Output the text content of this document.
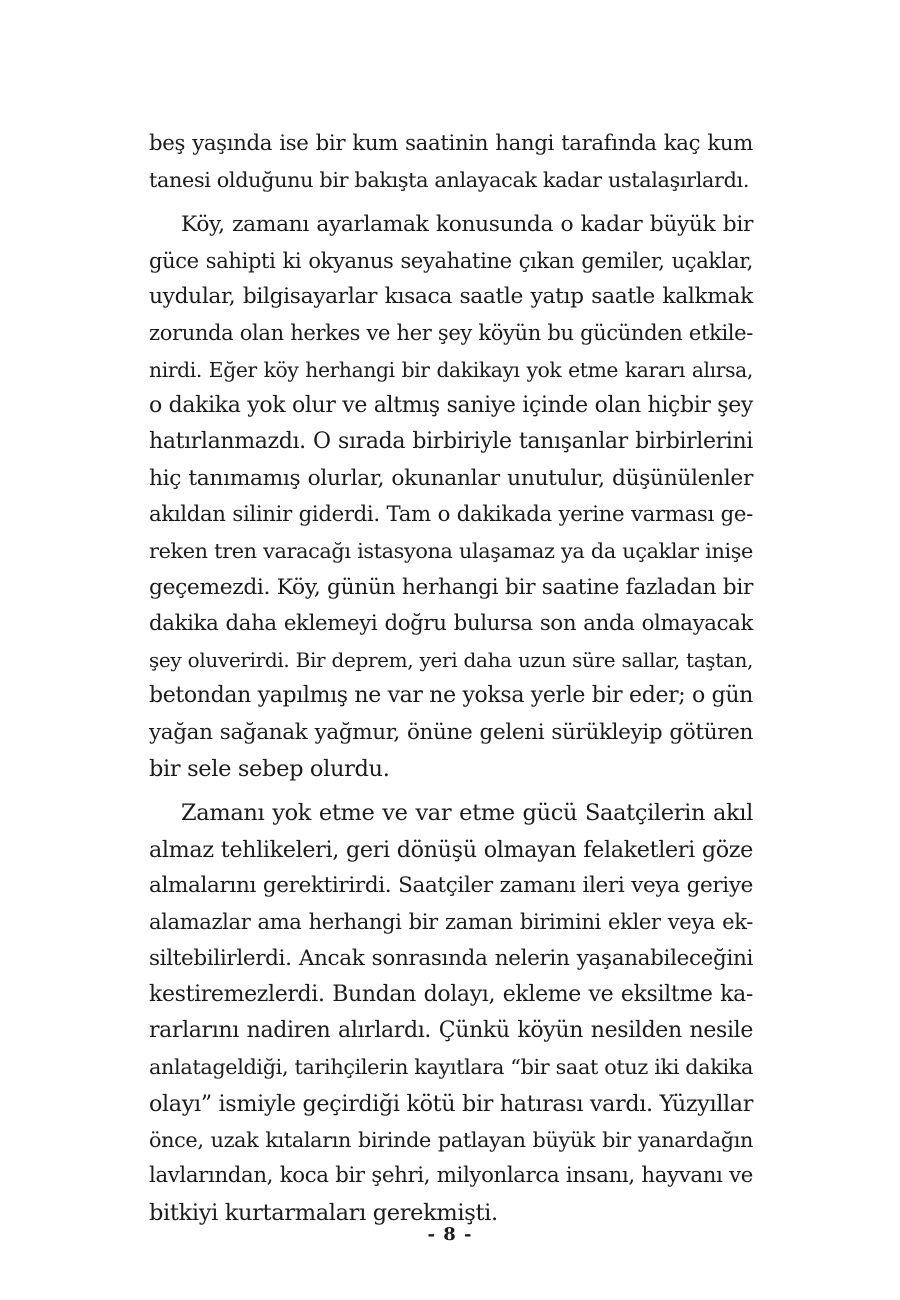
beş yaşında ise bir kum saatinin hangi tarafında kaç kum
tanesi olduğunu bir bakışta anlayacak kadar ustalaşırlardı.
Köy, zamanı ayarlamak konusunda o kadar büyük bir
güce sahipti ki okyanus seyahatine çıkan gemiler, uçaklar,
uydular, bilgisayarlar kısaca saatle yatıp saatle kalkmak
zorunda olan herkes ve her şey köyün bu gücünden etkile-
nirdi. Eğer köy herhangi bir dakikayı yok etme kararı alırsa,
o dakika yok olur ve altmış saniye içinde olan hiçbir şey
hatırlanmazdı. O sırada birbiriyle tanışanlar birbirlerini
hiç tanımamış olurlar, okunanlar unutulur, düşünülenler
akıldan silinir giderdi. Tam o dakikada yerine varması ge-
reken tren varacağı istasyona ulaşamaz ya da uçaklar inişe
geçemezdi. Köy, günün herhangi bir saatine fazladan bir
dakika daha eklemeyi doğru bulursa son anda olmayacak
şey oluverirdi. Bir deprem, yeri daha uzun süre sallar, taştan,
betondan yapılmış ne var ne yoksa yerle bir eder; o gün
yağan sağanak yağmur, önüne geleni sürükleyip götüren
bir sele sebep olurdu.
Zamanı yok etme ve var etme gücü Saatçilerin akıl
almaz tehlikeleri, geri dönüşü olmayan felaketleri göze
almalarını gerektirirdi. Saatçiler zamanı ileri veya geriye
alamazlar ama herhangi bir zaman birimini ekler veya ek-
siltebilirlerdi. Ancak sonrasında nelerin yaşanabileceğini
kestiremezlerdi. Bundan dolayı, ekleme ve eksiltme ka-
rarlarını nadiren alırlardı. Çünkü köyün nesilden nesile
anlatageldiği, tarihçilerin kayıtlara “bir saat otuz iki dakika
olayı” ismiyle geçirdiği kötü bir hatırası vardı. Yüzyıllar
önce, uzak kıtaların birinde patlayan büyük bir yanardağın
lavlarından, koca bir şehri, milyonlarca insanı, hayvanı ve
bitkiyi kurtarmaları gerekmişti.
- 8 -
